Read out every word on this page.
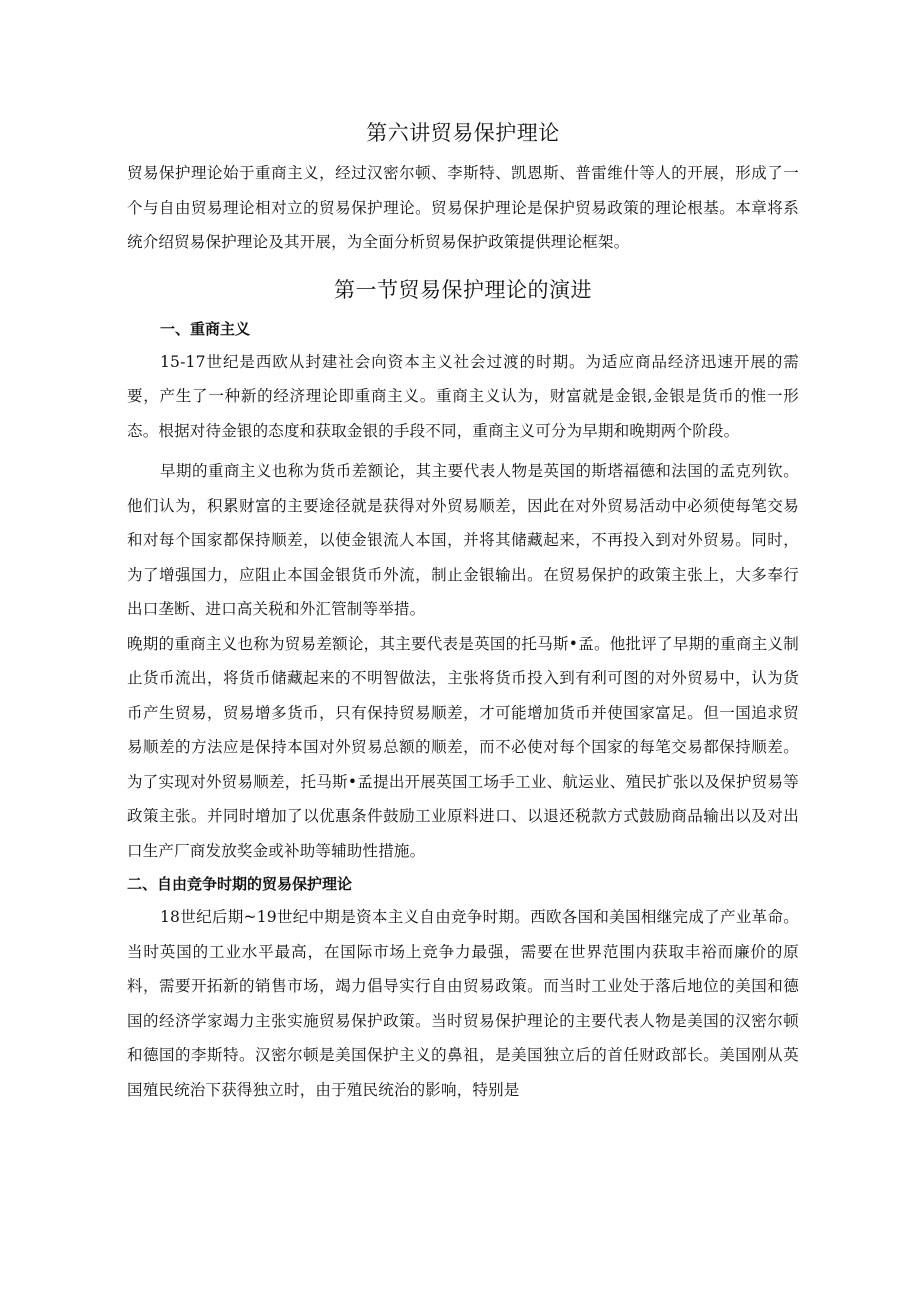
第六讲贸易保护理论

贸易保护理论始于重商主义，经过汉密尔顿、李斯特、凯恩斯、普雷维什等人的开展，形成了一个与自由贸易理论相对立的贸易保护理论。贸易保护理论是保护贸易政策的理论根基。本章将系统介绍贸易保护理论及其开展，为全面分析贸易保护政策提供理论框架。

第一节贸易保护理论的演进

一、重商主义

15-17世纪是西欧从封建社会向资本主义社会过渡的时期。为适应商品经济迅速开展的需要，产生了一种新的经济理论即重商主义。重商主义认为，财富就是金银,金银是货币的惟一形态。根据对待金银的态度和获取金银的手段不同，重商主义可分为早期和晚期两个阶段。

早期的重商主义也称为货币差额论，其主要代表人物是英国的斯塔福德和法国的孟克列钦。他们认为，积累财富的主要途径就是获得对外贸易顺差，因此在对外贸易活动中必须使每笔交易和对每个国家都保持顺差，以使金银流人本国，并将其储藏起来，不再投入到对外贸易。同时，为了增强国力，应阻止本国金银货币外流，制止金银输出。在贸易保护的政策主张上，大多奉行出口垄断、进口高关税和外汇管制等举措。

晚期的重商主义也称为贸易差额论，其主要代表是英国的托马斯•孟。他批评了早期的重商主义制止货币流出，将货币储藏起来的不明智做法，主张将货币投入到有利可图的对外贸易中，认为货币产生贸易，贸易增多货币，只有保持贸易顺差，才可能增加货币并使国家富足。但一国追求贸易顺差的方法应是保持本国对外贸易总额的顺差，而不必使对每个国家的每笔交易都保持顺差。为了实现对外贸易顺差，托马斯•孟提出开展英国工场手工业、航运业、殖民扩张以及保护贸易等政策主张。并同时增加了以优惠条件鼓励工业原料进口、以退还税款方式鼓励商品输出以及对出口生产厂商发放奖金或补助等辅助性措施。

二、自由竞争时期的贸易保护理论

18世纪后期~19世纪中期是资本主义自由竞争时期。西欧各国和美国相继完成了产业革命。当时英国的工业水平最高，在国际市场上竞争力最强，需要在世界范围内获取丰裕而廉价的原料，需要开拓新的销售市场，竭力倡导实行自由贸易政策。而当时工业处于落后地位的美国和德国的经济学家竭力主张实施贸易保护政策。当时贸易保护理论的主要代表人物是美国的汉密尔顿和德国的李斯特。汉密尔顿是美国保护主义的鼻祖，是美国独立后的首任财政部长。美国刚从英国殖民统治下获得独立时，由于殖民统治的影响，特别是
